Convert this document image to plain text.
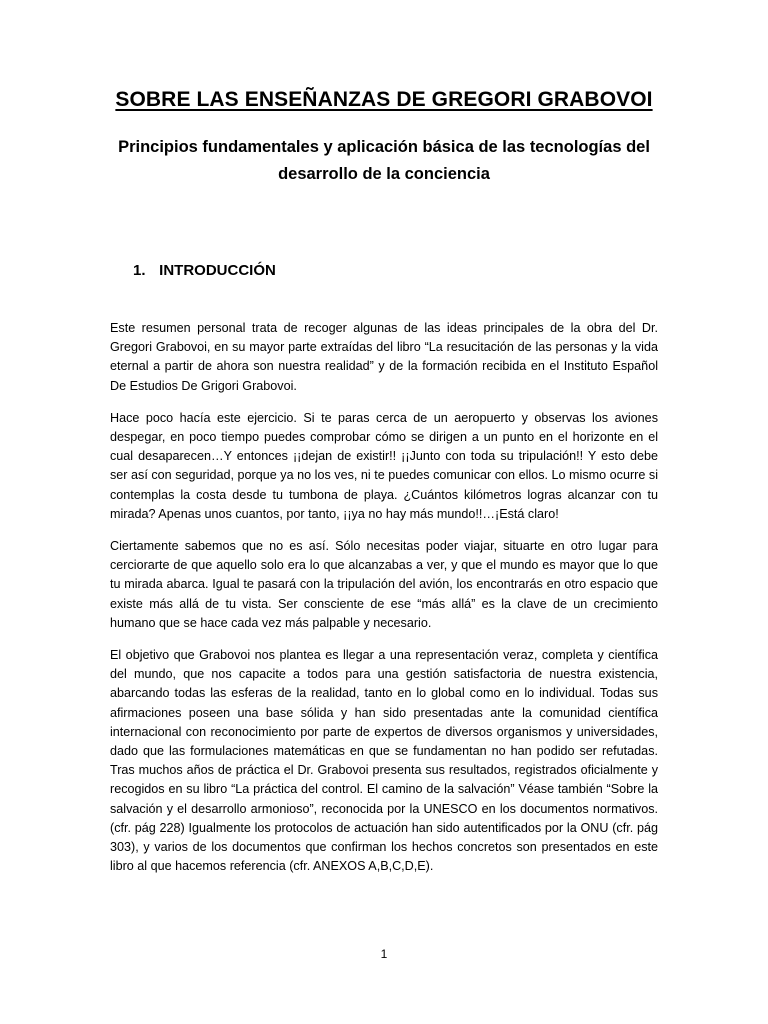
SOBRE LAS ENSEÑANZAS DE GREGORI GRABOVOI
Principios fundamentales y aplicación básica de las tecnologías del desarrollo de la conciencia
1. INTRODUCCIÓN

Este resumen personal trata de recoger algunas de las ideas principales de la obra del Dr. Gregori Grabovoi, en su mayor parte extraídas del libro “La resucitación de las personas y la vida eternal a partir de ahora son nuestra realidad” y de la formación recibida en el Instituto Español De Estudios De Grigori Grabovoi.

Hace poco hacía este ejercicio. Si te paras cerca de un aeropuerto y observas los aviones despegar, en poco tiempo puedes comprobar cómo se dirigen a un punto en el horizonte en el cual desaparecen…Y entonces ¡¡dejan de existir!! ¡¡Junto con toda su tripulación!! Y esto debe ser así con seguridad, porque ya no los ves, ni te puedes comunicar con ellos. Lo mismo ocurre si contemplas la costa desde tu tumbona de playa. ¿Cuántos kilómetros logras alcanzar con tu mirada? Apenas unos cuantos, por tanto, ¡¡ya no hay más mundo!!…¡Está claro!

Ciertamente sabemos que no es así. Sólo necesitas poder viajar, situarte en otro lugar para cerciorarte de que aquello solo era lo que alcanzabas a ver, y que el mundo es mayor que lo que tu mirada abarca. Igual te pasará con la tripulación del avión, los encontrarás en otro espacio que existe más allá de tu vista. Ser consciente de ese “más allá” es la clave de un crecimiento humano que se hace cada vez más palpable y necesario.

El objetivo que Grabovoi nos plantea es llegar a una representación veraz, completa y científica del mundo, que nos capacite a todos para una gestión satisfactoria de nuestra existencia, abarcando todas las esferas de la realidad, tanto en lo global como en lo individual. Todas sus afirmaciones poseen una base sólida y han sido presentadas ante la comunidad científica internacional con reconocimiento por parte de expertos de diversos organismos y universidades, dado que las formulaciones matemáticas en que se fundamentan no han podido ser refutadas. Tras muchos años de práctica el Dr. Grabovoi presenta sus resultados, registrados oficialmente y recogidos en su libro “La práctica del control. El camino de la salvación” Véase también “Sobre la salvación y el desarrollo armonioso”, reconocida por la UNESCO en los documentos normativos. (cfr. pág 228) Igualmente los protocolos de actuación han sido autentificados por la ONU (cfr. pág 303), y varios de los documentos que confirman los hechos concretos son presentados en este libro al que hacemos referencia (cfr. ANEXOS A,B,C,D,E).

1
